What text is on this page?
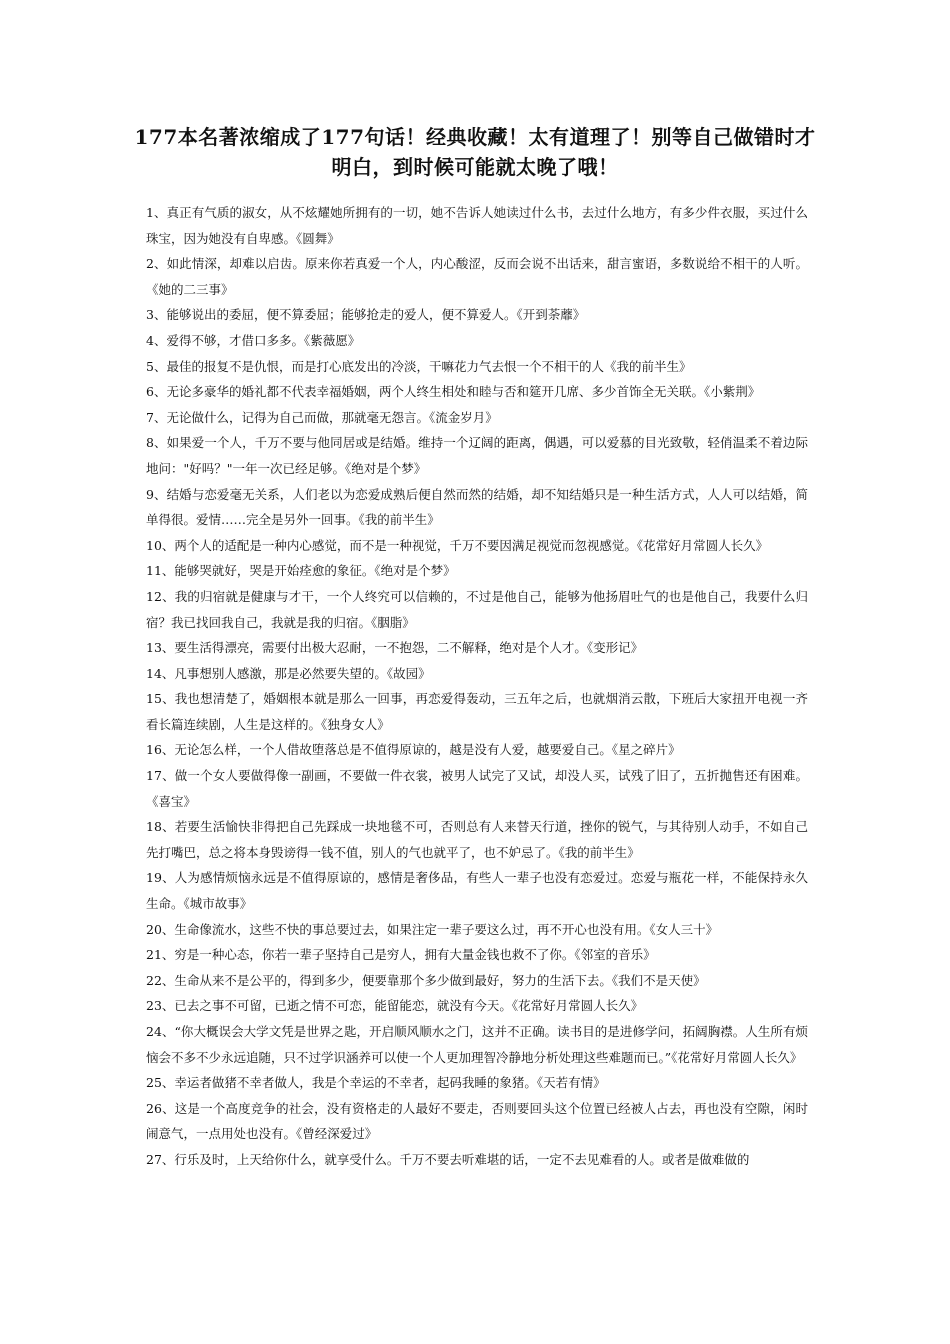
177本名著浓缩成了177句话！经典收藏！太有道理了！别等自己做错时才明白，到时候可能就太晚了哦！

1、真正有气质的淑女，从不炫耀她所拥有的一切，她不告诉人她读过什么书，去过什么地方，有多少件衣服，买过什么珠宝，因为她没有自卑感。《圆舞》

2、如此情深，却难以启齿。原来你若真爱一个人，内心酸涩，反而会说不出话来，甜言蜜语，多数说给不相干的人听。《她的二三事》

3、能够说出的委屈，便不算委屈；能够抢走的爱人，便不算爱人。《开到荼蘼》

4、爱得不够，才借口多多。《紫薇愿》

5、最佳的报复不是仇恨，而是打心底发出的冷淡，干嘛花力气去恨一个不相干的人《我的前半生》

6、无论多豪华的婚礼都不代表幸福婚姻，两个人终生相处和睦与否和筵开几席、多少首饰全无关联。《小紫荆》

7、无论做什么，记得为自己而做，那就毫无怨言。《流金岁月》

8、如果爱一个人，千万不要与他同居或是结婚。维持一个辽阔的距离，偶遇，可以爱慕的目光致敬，轻俏温柔不着边际地问："好吗？"一年一次已经足够。《绝对是个梦》

9、结婚与恋爱毫无关系，人们老以为恋爱成熟后便自然而然的结婚，却不知结婚只是一种生活方式，人人可以结婚，简单得很。爱情……完全是另外一回事。《我的前半生》

10、两个人的适配是一种内心感觉，而不是一种视觉，千万不要因满足视觉而忽视感觉。《花常好月常圆人长久》

11、能够哭就好，哭是开始痊愈的象征。《绝对是个梦》

12、我的归宿就是健康与才干，一个人终究可以信赖的，不过是他自己，能够为他扬眉吐气的也是他自己，我要什么归宿？我已找回我自己，我就是我的归宿。《胭脂》

13、要生活得漂亮，需要付出极大忍耐，一不抱怨，二不解释，绝对是个人才。《变形记》

14、凡事想别人感激，那是必然要失望的。《故园》

15、我也想清楚了，婚姻根本就是那么一回事，再恋爱得轰动，三五年之后，也就烟消云散，下班后大家扭开电视一齐看长篇连续剧，人生是这样的。《独身女人》

16、无论怎么样，一个人借故堕落总是不值得原谅的，越是没有人爱，越要爱自己。《星之碎片》

17、做一个女人要做得像一副画，不要做一件衣裳，被男人试完了又试，却没人买，试残了旧了，五折抛售还有困难。《喜宝》

18、若要生活愉快非得把自己先踩成一块地毯不可，否则总有人来替天行道，挫你的锐气，与其待别人动手，不如自己先打嘴巴，总之将本身毁谤得一钱不值，别人的气也就平了，也不妒忌了。《我的前半生》

19、人为感情烦恼永远是不值得原谅的，感情是奢侈品，有些人一辈子也没有恋爱过。恋爱与瓶花一样，不能保持永久生命。《城市故事》

20、生命像流水，这些不快的事总要过去，如果注定一辈子要这么过，再不开心也没有用。《女人三十》

21、穷是一种心态，你若一辈子坚持自己是穷人，拥有大量金钱也救不了你。《邻室的音乐》

22、生命从来不是公平的，得到多少，便要靠那个多少做到最好，努力的生活下去。《我们不是天使》

23、已去之事不可留，已逝之情不可恋，能留能恋，就没有今天。《花常好月常圆人长久》

24、“你大概误会大学文凭是世界之匙，开启顺风顺水之门，这并不正确。读书目的是进修学问，拓阔胸襟。人生所有烦恼会不多不少永远追随，只不过学识涵养可以使一个人更加理智冷静地分析处理这些难题而已。”《花常好月常圆人长久》

25、幸运者做猪不幸者做人，我是个幸运的不幸者，起码我睡的象猪。《天若有情》

26、这是一个高度竞争的社会，没有资格走的人最好不要走，否则要回头这个位置已经被人占去，再也没有空隙，闲时闹意气，一点用处也没有。《曾经深爱过》

27、行乐及时，上天给你什么，就享受什么。千万不要去听难堪的话，一定不去见难看的人。或者是做难做的
